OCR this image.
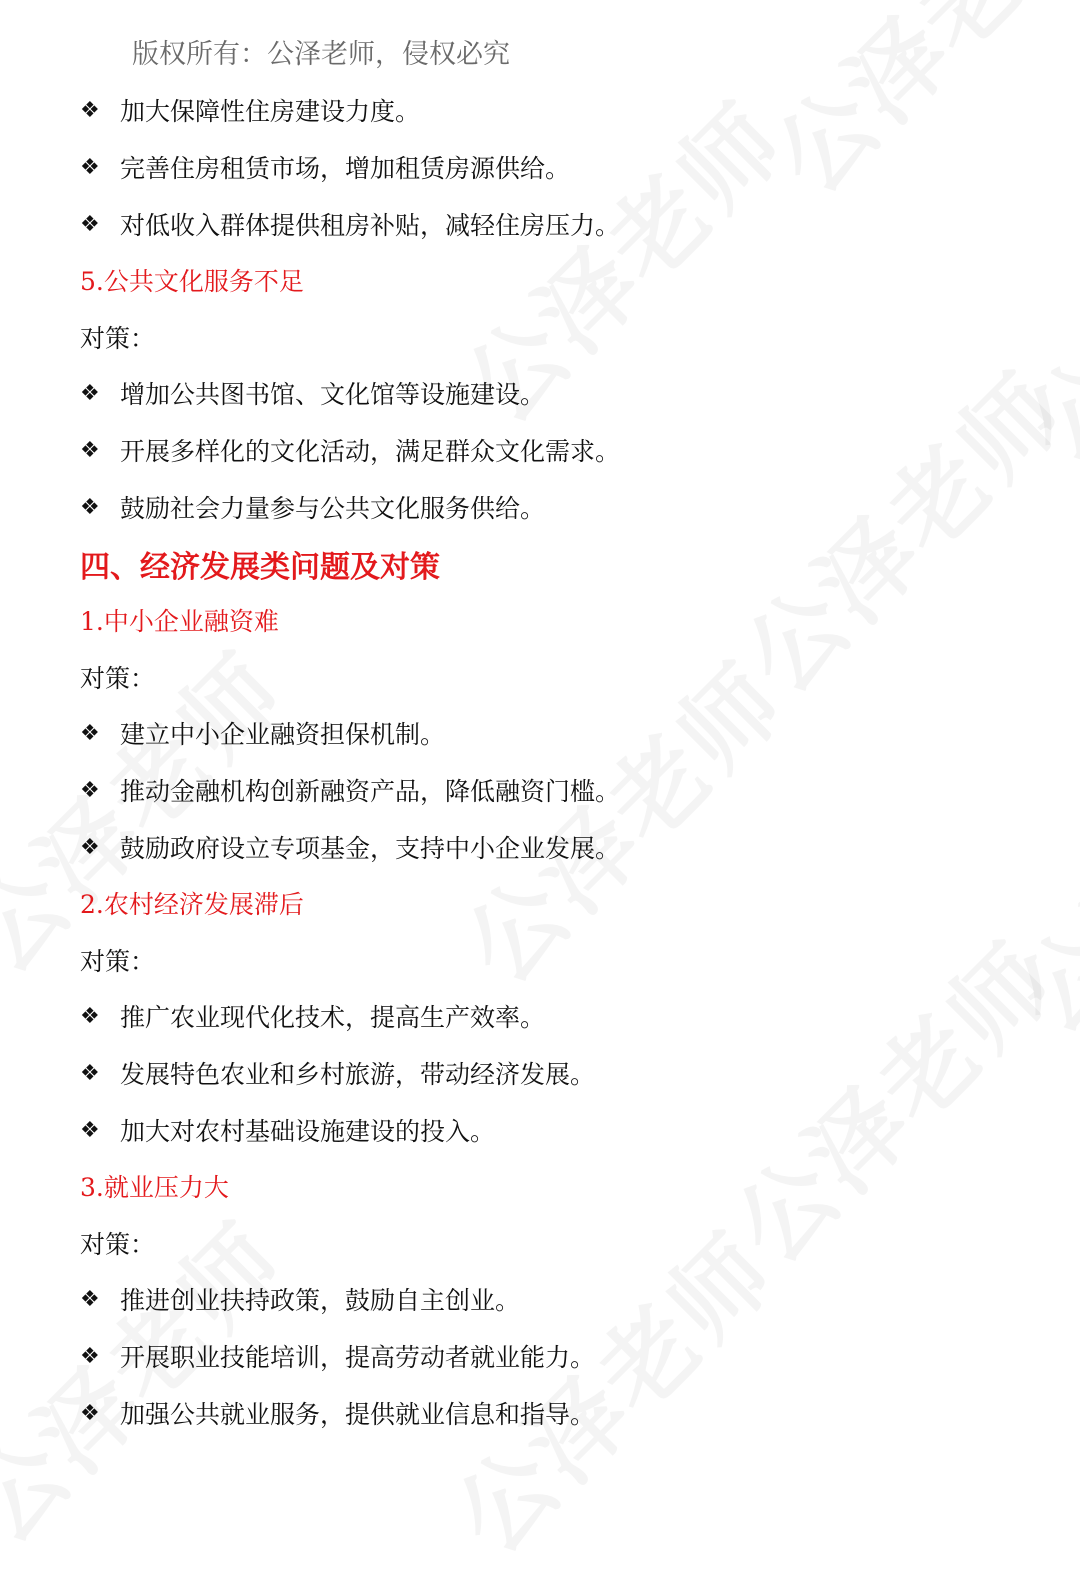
版权所有：公泽老师，侵权必究
❖ 加大保障性住房建设力度。
❖ 完善住房租赁市场，增加租赁房源供给。
❖ 对低收入群体提供租房补贴，减轻住房压力。
5.公共文化服务不足
对策：
❖ 增加公共图书馆、文化馆等设施建设。
❖ 开展多样化的文化活动，满足群众文化需求。
❖ 鼓励社会力量参与公共文化服务供给。
四、经济发展类问题及对策
1.中小企业融资难
对策：
❖ 建立中小企业融资担保机制。
❖ 推动金融机构创新融资产品，降低融资门槛。
❖ 鼓励政府设立专项基金，支持中小企业发展。
2.农村经济发展滞后
对策：
❖ 推广农业现代化技术，提高生产效率。
❖ 发展特色农业和乡村旅游，带动经济发展。
❖ 加大对农村基础设施建设的投入。
3.就业压力大
对策：
❖ 推进创业扶持政策，鼓励自主创业。
❖ 开展职业技能培训，提高劳动者就业能力。
❖ 加强公共就业服务，提供就业信息和指导。
